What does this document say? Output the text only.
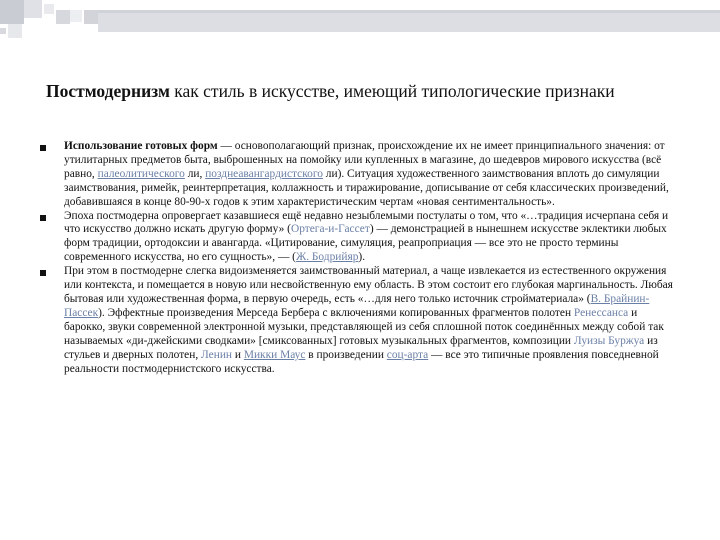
Постмодернизм как стиль в искусстве, имеющий типологические признаки

Использование готовых форм — основополагающий признак, происхождение их не имеет принципиального значения: от утилитарных предметов быта, выброшенных на помойку или купленных в магазине, до шедевров мирового искусства (всё равно, палеолитического ли, позднеавангардистского ли). Ситуация художественного заимствования вплоть до симуляции заимствования, римейк, реинтерпретация, коллажность и тиражирование, дописывание от себя классических произведений, добавившаяся в конце 80-90-х годов к этим характеристическим чертам «новая сентиментальность».

Эпоха постмодерна опровергает казавшиеся ещё недавно незыблемыми постулаты о том, что «…традиция исчерпана себя и что искусство должно искать другую форму» (Ортега-и-Гассет) — демонстрацией в нынешнем искусстве эклектики любых форм традиции, ортодоксии и авангарда. «Цитирование, симуляция, реапроприация — все это не просто термины современного искусства, но его сущность», — (Ж. Бодрийяр).

При этом в постмодерне слегка видоизменяется заимствованный материал, а чаще извлекается из естественного окружения или контекста, и помещается в новую или несвойственную ему область. В этом состоит его глубокая маргинальность. Любая бытовая или художественная форма, в первую очередь, есть «…для него только источник стройматериала» (В. Брайнин-Пассек). Эффектные произведения Мерседа Бербера с включениями копированных фрагментов полотен Ренессанса и барокко, звуки современной электронной музыки, представляющей из себя сплошной поток соединённых между собой так называемых «ди-джейскими сводками» [смиксованных] готовых музыкальных фрагментов, композиции Луизы Буржуа из стульев и дверных полотен, Ленин и Микки Маус в произведении соц-арта — все это типичные проявления повседневной реальности постмодернистского искусства.
